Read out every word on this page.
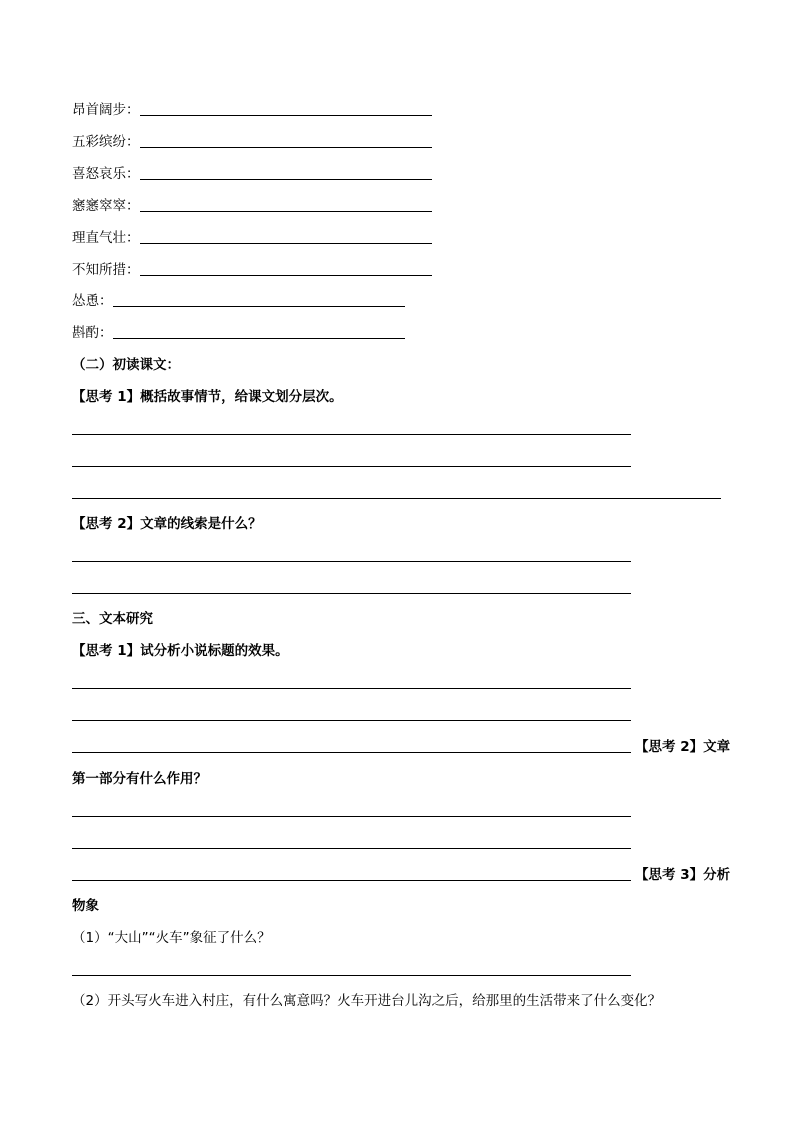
昂首阔步：
五彩缤纷：
喜怒哀乐：
窸窸窣窣：
理直气壮：
不知所措：
怂恿：
斟酌：
（二）初读课文：
【思考 1】概括故事情节，给课文划分层次。
【思考 2】文章的线索是什么？
三、文本研究
【思考 1】试分析小说标题的效果。
【思考 2】文章
第一部分有什么作用？
【思考 3】分析
物象
（1）“大山”“火车”象征了什么？
（2）开头写火车进入村庄，有什么寓意吗？火车开进台儿沟之后，给那里的生活带来了什么变化？
